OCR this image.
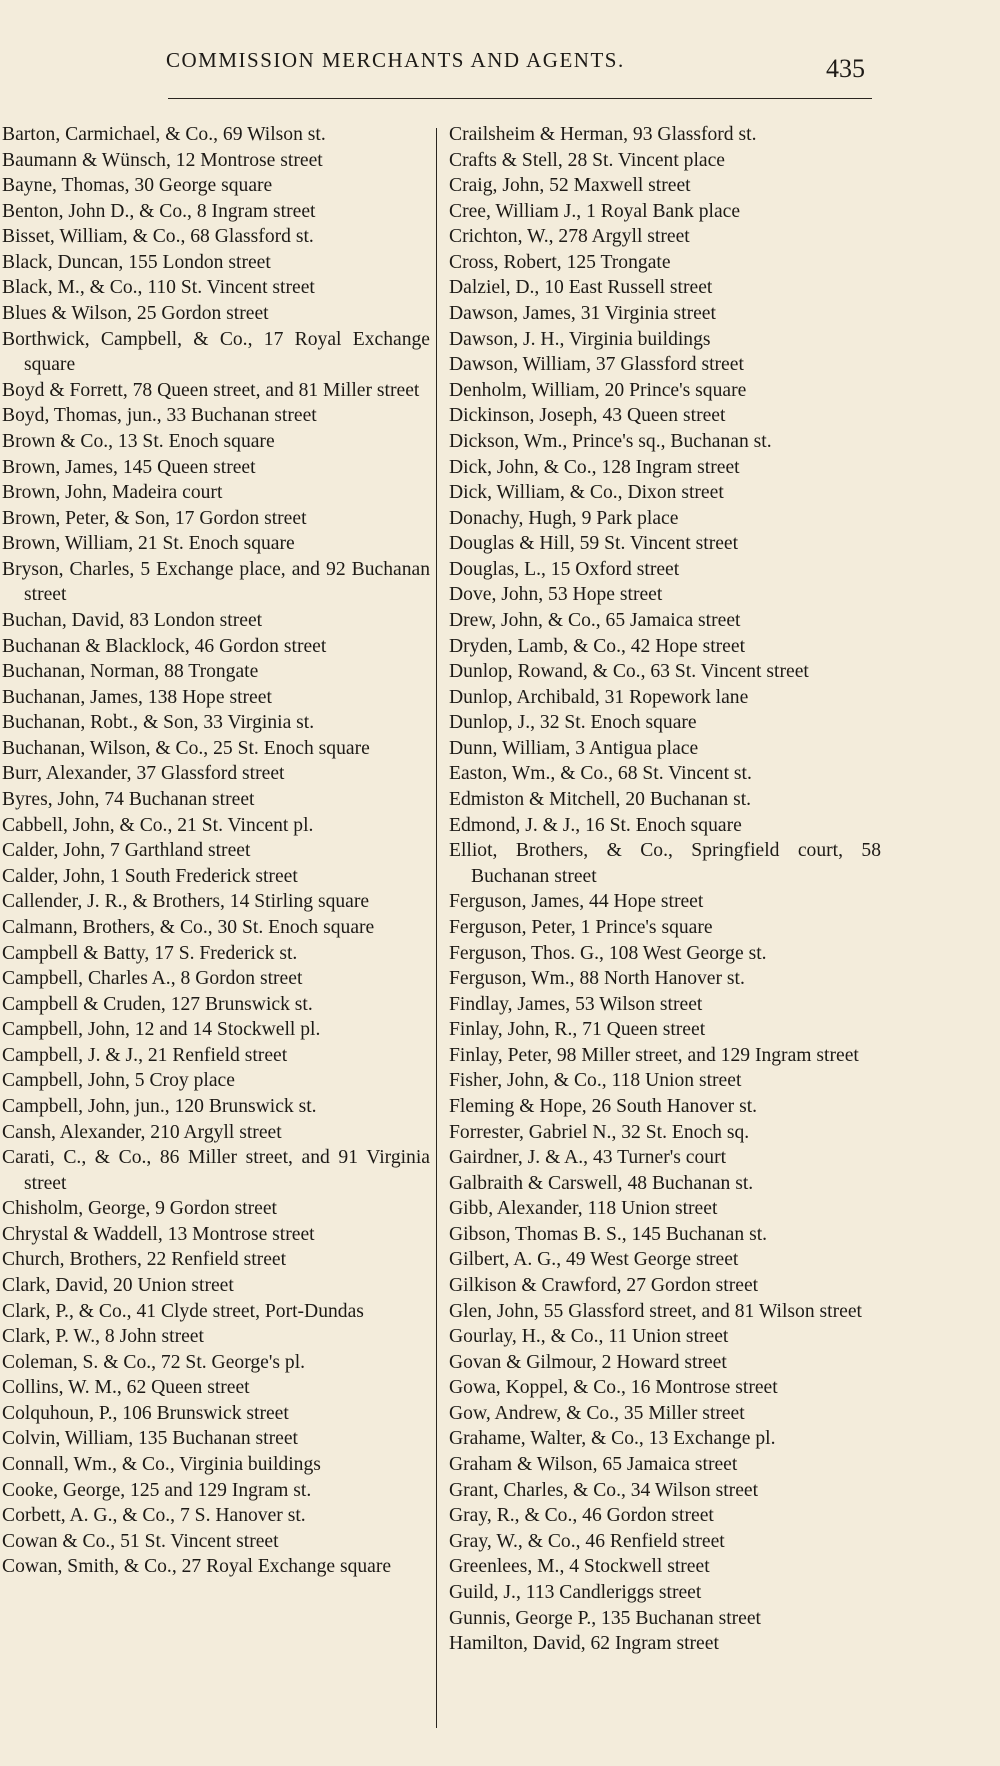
COMMISSION MERCHANTS AND AGENTS.	435
Barton, Carmichael, & Co., 69 Wilson st.
Baumann & Wünsch, 12 Montrose street
Bayne, Thomas, 30 George square
Benton, John D., & Co., 8 Ingram street
Bisset, William, & Co., 68 Glassford st.
Black, Duncan, 155 London street
Black, M., & Co., 110 St. Vincent street
Blues & Wilson, 25 Gordon street
Borthwick, Campbell, & Co., 17 Royal Exchange square
Boyd & Forrett, 78 Queen street, and 81 Miller street
Boyd, Thomas, jun., 33 Buchanan street
Brown & Co., 13 St. Enoch square
Brown, James, 145 Queen street
Brown, John, Madeira court
Brown, Peter, & Son, 17 Gordon street
Brown, William, 21 St. Enoch square
Bryson, Charles, 5 Exchange place, and 92 Buchanan street
Buchan, David, 83 London street
Buchanan & Blacklock, 46 Gordon street
Buchanan, Norman, 88 Trongate
Buchanan, James, 138 Hope street
Buchanan, Robt., & Son, 33 Virginia st.
Buchanan, Wilson, & Co., 25 St. Enoch square
Burr, Alexander, 37 Glassford street
Byres, John, 74 Buchanan street
Cabbell, John, & Co., 21 St. Vincent pl.
Calder, John, 7 Garthland street
Calder, John, 1 South Frederick street
Callender, J. R., & Brothers, 14 Stirling square
Calmann, Brothers, & Co., 30 St. Enoch square
Campbell & Batty, 17 S. Frederick st.
Campbell, Charles A., 8 Gordon street
Campbell & Cruden, 127 Brunswick st.
Campbell, John, 12 and 14 Stockwell pl.
Campbell, J. & J., 21 Renfield street
Campbell, John, 5 Croy place
Campbell, John, jun., 120 Brunswick st.
Cansh, Alexander, 210 Argyll street
Carati, C., & Co., 86 Miller street, and 91 Virginia street
Chisholm, George, 9 Gordon street
Chrystal & Waddell, 13 Montrose street
Church, Brothers, 22 Renfield street
Clark, David, 20 Union street
Clark, P., & Co., 41 Clyde street, Port-Dundas
Clark, P. W., 8 John street
Coleman, S. & Co., 72 St. George's pl.
Collins, W. M., 62 Queen street
Colquhoun, P., 106 Brunswick street
Colvin, William, 135 Buchanan street
Connall, Wm., & Co., Virginia buildings
Cooke, George, 125 and 129 Ingram st.
Corbett, A. G., & Co., 7 S. Hanover st.
Cowan & Co., 51 St. Vincent street
Cowan, Smith, & Co., 27 Royal Exchange square
Crailsheim & Herman, 93 Glassford st.
Crafts & Stell, 28 St. Vincent place
Craig, John, 52 Maxwell street
Cree, William J., 1 Royal Bank place
Crichton, W., 278 Argyll street
Cross, Robert, 125 Trongate
Dalziel, D., 10 East Russell street
Dawson, James, 31 Virginia street
Dawson, J. H., Virginia buildings
Dawson, William, 37 Glassford street
Denholm, William, 20 Prince's square
Dickinson, Joseph, 43 Queen street
Dickson, Wm., Prince's sq., Buchanan st.
Dick, John, & Co., 128 Ingram street
Dick, William, & Co., Dixon street
Donachy, Hugh, 9 Park place
Douglas & Hill, 59 St. Vincent street
Douglas, L., 15 Oxford street
Dove, John, 53 Hope street
Drew, John, & Co., 65 Jamaica street
Dryden, Lamb, & Co., 42 Hope street
Dunlop, Rowand, & Co., 63 St. Vincent street
Dunlop, Archibald, 31 Ropework lane
Dunlop, J., 32 St. Enoch square
Dunn, William, 3 Antigua place
Easton, Wm., & Co., 68 St. Vincent st.
Edmiston & Mitchell, 20 Buchanan st.
Edmond, J. & J., 16 St. Enoch square
Elliot, Brothers, & Co., Springfield court, 58 Buchanan street
Ferguson, James, 44 Hope street
Ferguson, Peter, 1 Prince's square
Ferguson, Thos. G., 108 West George st.
Ferguson, Wm., 88 North Hanover st.
Findlay, James, 53 Wilson street
Finlay, John, R., 71 Queen street
Finlay, Peter, 98 Miller street, and 129 Ingram street
Fisher, John, & Co., 118 Union street
Fleming & Hope, 26 South Hanover st.
Forrester, Gabriel N., 32 St. Enoch sq.
Gairdner, J. & A., 43 Turner's court
Galbraith & Carswell, 48 Buchanan st.
Gibb, Alexander, 118 Union street
Gibson, Thomas B. S., 145 Buchanan st.
Gilbert, A. G., 49 West George street
Gilkison & Crawford, 27 Gordon street
Glen, John, 55 Glassford street, and 81 Wilson street
Gourlay, H., & Co., 11 Union street
Govan & Gilmour, 2 Howard street
Gowa, Koppel, & Co., 16 Montrose street
Gow, Andrew, & Co., 35 Miller street
Grahame, Walter, & Co., 13 Exchange pl.
Graham & Wilson, 65 Jamaica street
Grant, Charles, & Co., 34 Wilson street
Gray, R., & Co., 46 Gordon street
Gray, W., & Co., 46 Renfield street
Greenlees, M., 4 Stockwell street
Guild, J., 113 Candleriggs street
Gunnis, George P., 135 Buchanan street
Hamilton, David, 62 Ingram street
